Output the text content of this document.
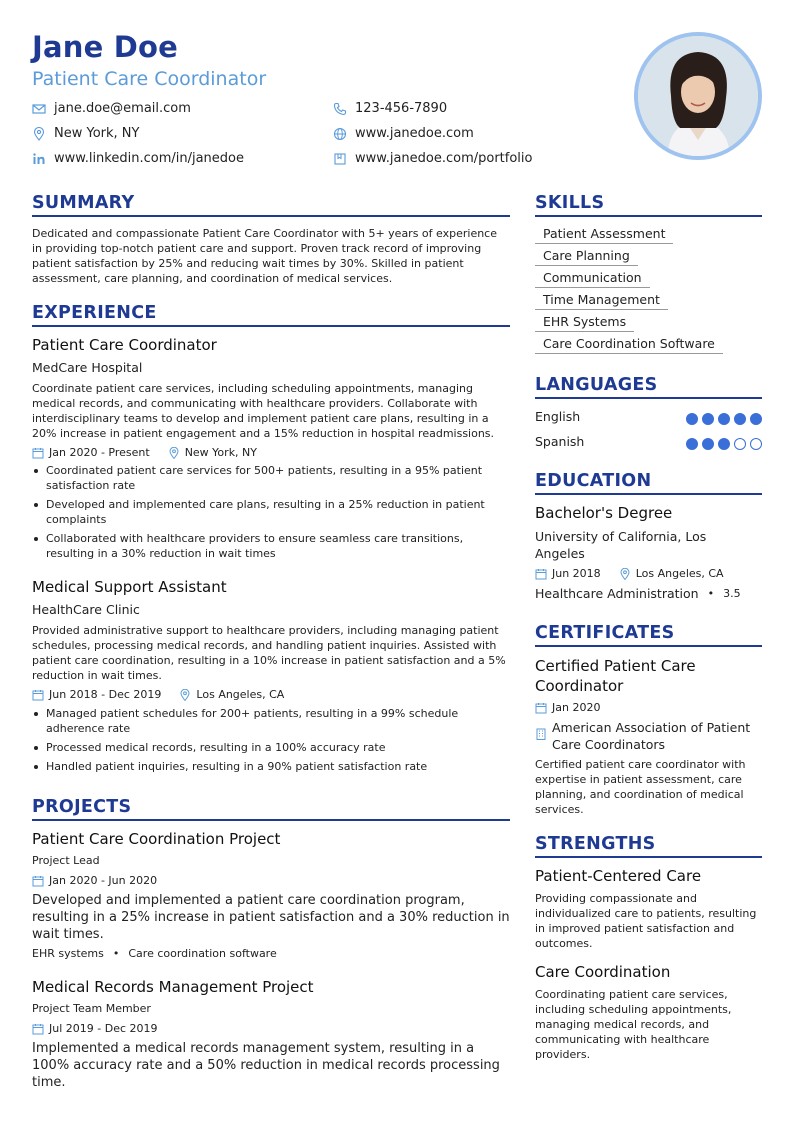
Jane Doe
Patient Care Coordinator
jane.doe@email.com	123-456-7890
New York, NY	www.janedoe.com
www.linkedin.com/in/janedoe	www.janedoe.com/portfolio
SUMMARY
Dedicated and compassionate Patient Care Coordinator with 5+ years of experience in providing top-notch patient care and support. Proven track record of improving patient satisfaction by 25% and reducing wait times by 30%. Skilled in patient assessment, care planning, and coordination of medical services.
EXPERIENCE
Patient Care Coordinator
MedCare Hospital
Coordinate patient care services, including scheduling appointments, managing medical records, and communicating with healthcare providers. Collaborate with interdisciplinary teams to develop and implement patient care plans, resulting in a 20% increase in patient engagement and a 15% reduction in hospital readmissions.
Jan 2020 - Present	New York, NY
Coordinated patient care services for 500+ patients, resulting in a 95% patient satisfaction rate
Developed and implemented care plans, resulting in a 25% reduction in patient complaints
Collaborated with healthcare providers to ensure seamless care transitions, resulting in a 30% reduction in wait times
Medical Support Assistant
HealthCare Clinic
Provided administrative support to healthcare providers, including managing patient schedules, processing medical records, and handling patient inquiries. Assisted with patient care coordination, resulting in a 10% increase in patient satisfaction and a 5% reduction in wait times.
Jun 2018 - Dec 2019	Los Angeles, CA
Managed patient schedules for 200+ patients, resulting in a 99% schedule adherence rate
Processed medical records, resulting in a 100% accuracy rate
Handled patient inquiries, resulting in a 90% patient satisfaction rate
PROJECTS
Patient Care Coordination Project
Project Lead
Jan 2020 - Jun 2020
Developed and implemented a patient care coordination program, resulting in a 25% increase in patient satisfaction and a 30% reduction in wait times.
EHR systems • Care coordination software
Medical Records Management Project
Project Team Member
Jul 2019 - Dec 2019
Implemented a medical records management system, resulting in a 100% accuracy rate and a 50% reduction in medical records processing time.
SKILLS
Patient Assessment
Care Planning
Communication
Time Management
EHR Systems
Care Coordination Software
LANGUAGES
English
Spanish
EDUCATION
Bachelor's Degree
University of California, Los Angeles
Jun 2018	Los Angeles, CA
Healthcare Administration • 3.5
CERTIFICATES
Certified Patient Care Coordinator
Jan 2020
American Association of Patient Care Coordinators
Certified patient care coordinator with expertise in patient assessment, care planning, and coordination of medical services.
STRENGTHS
Patient-Centered Care
Providing compassionate and individualized care to patients, resulting in improved patient satisfaction and outcomes.
Care Coordination
Coordinating patient care services, including scheduling appointments, managing medical records, and communicating with healthcare providers.
